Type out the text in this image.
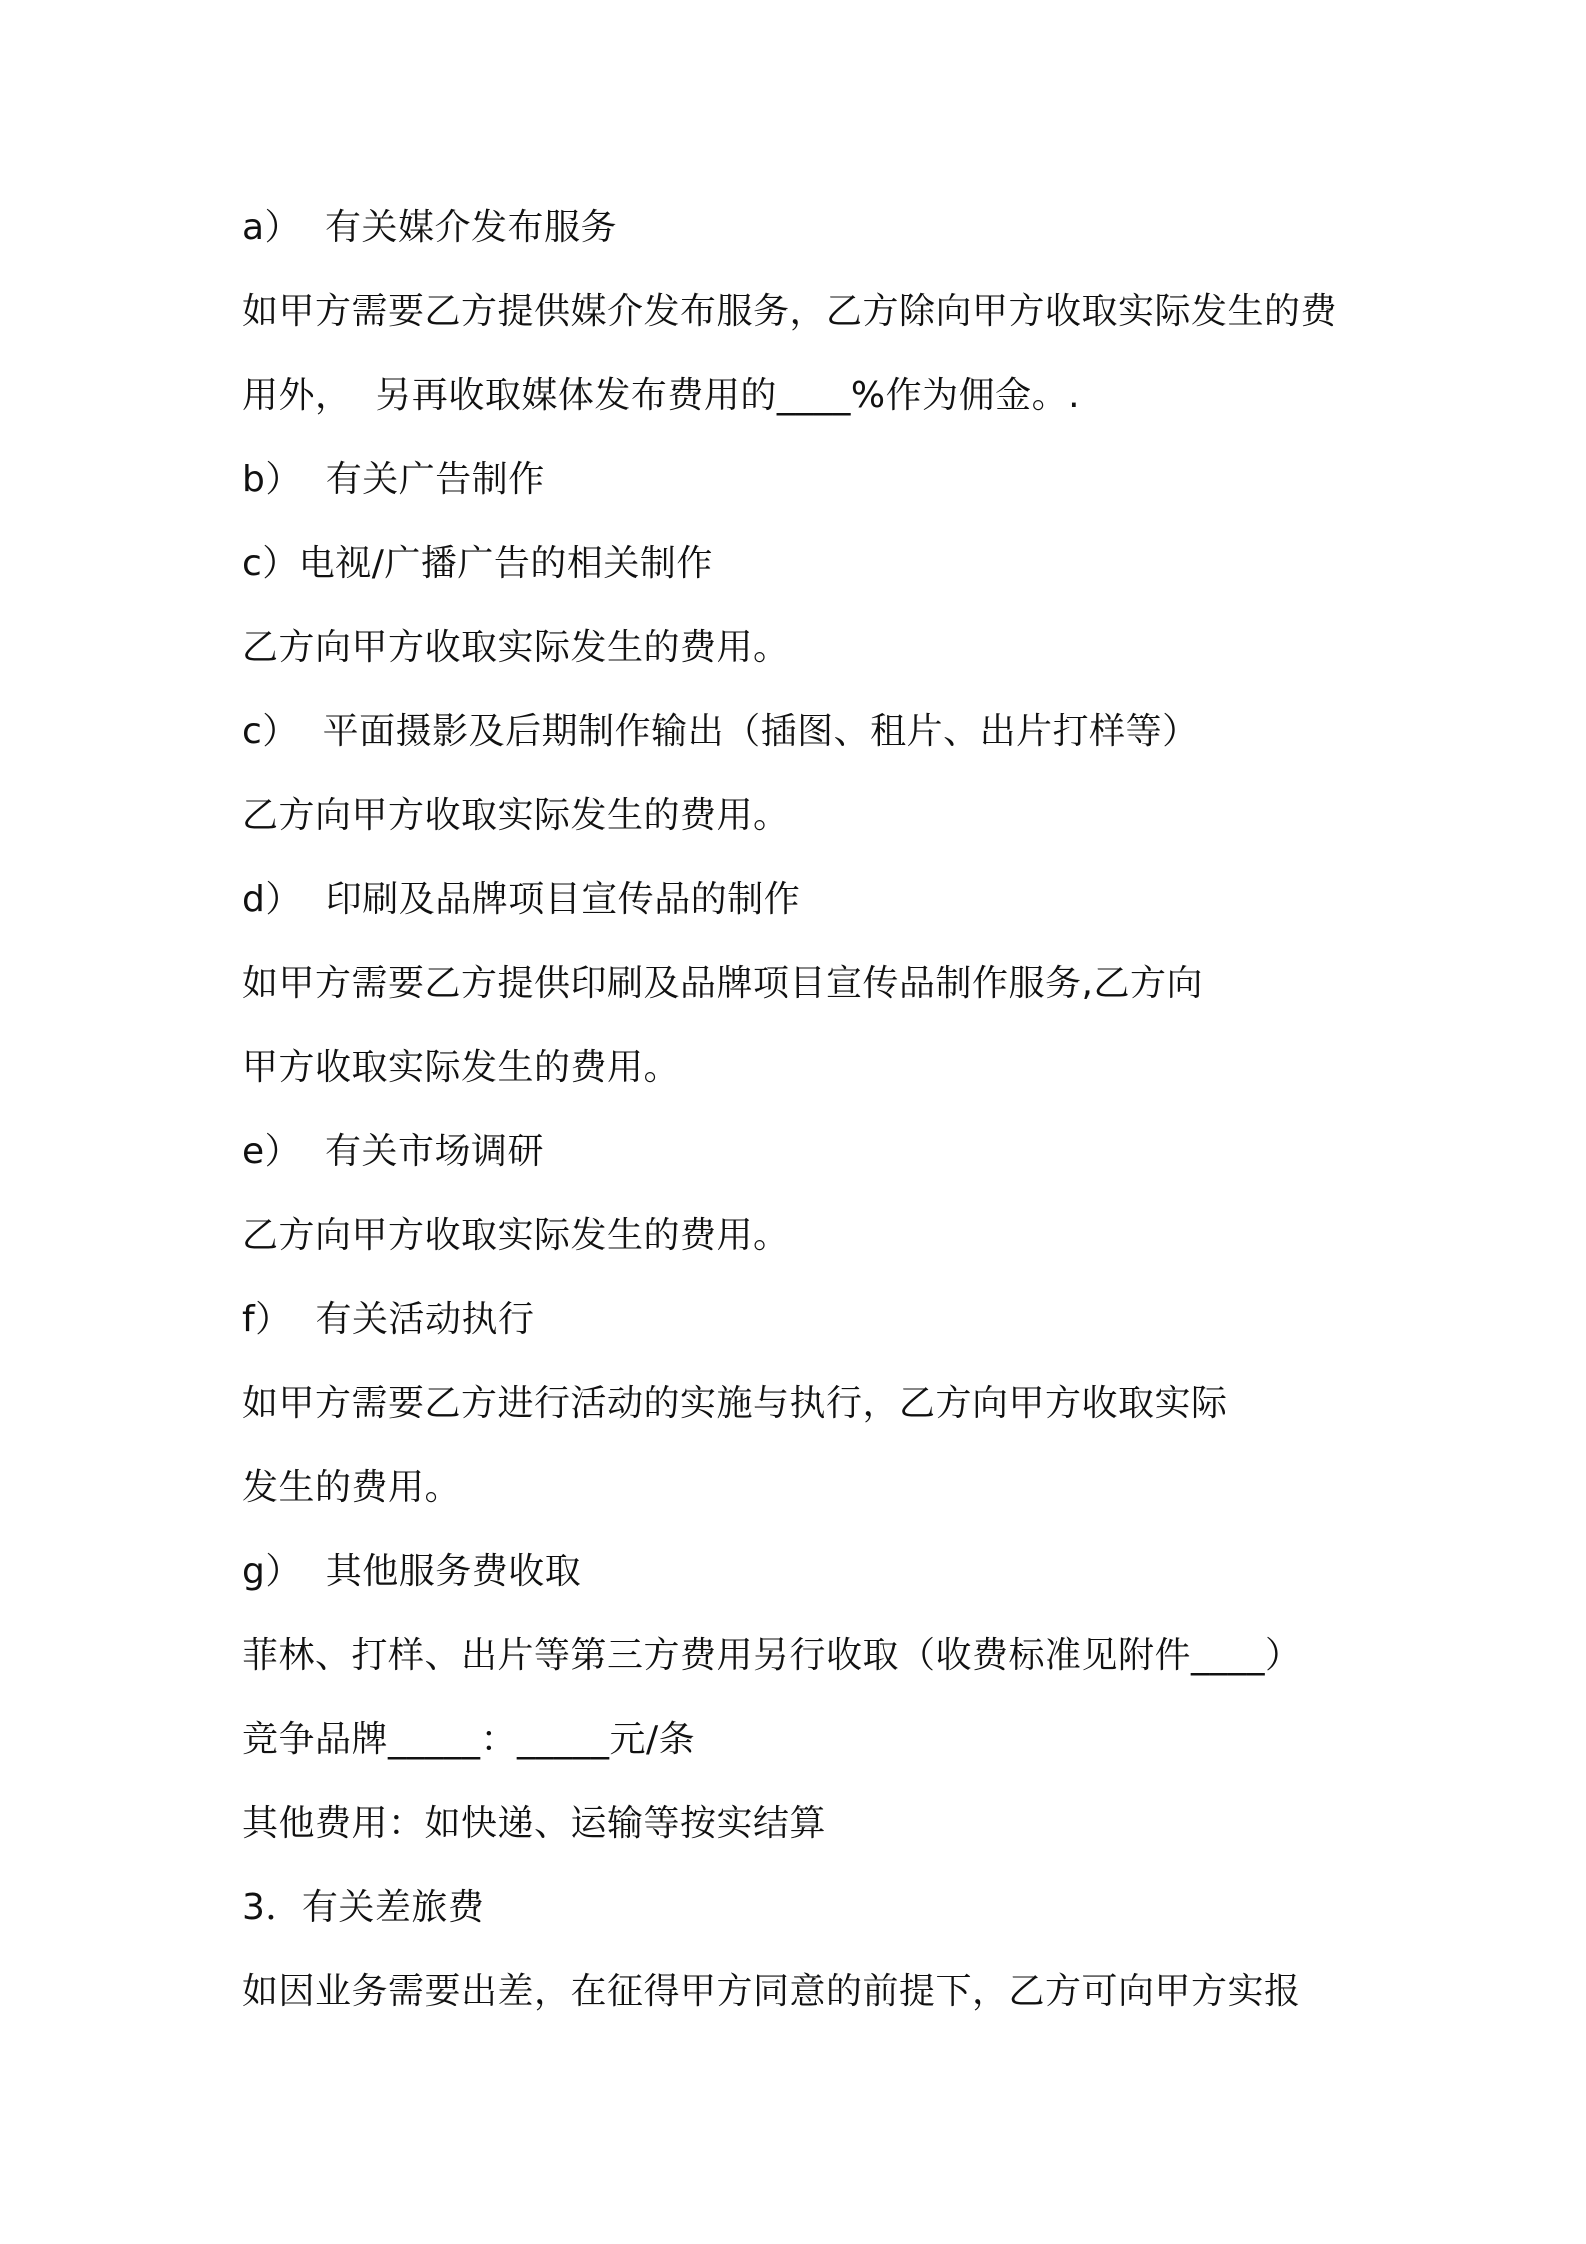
a）  有关媒介发布服务
如甲方需要乙方提供媒介发布服务，乙方除向甲方收取实际发生的费
用外，  另再收取媒体发布费用的____%作为佣金。.
b）  有关广告制作
c）电视/广播广告的相关制作
乙方向甲方收取实际发生的费用。
c）  平面摄影及后期制作输出（插图、租片、出片打样等）
乙方向甲方收取实际发生的费用。
d）  印刷及品牌项目宣传品的制作
如甲方需要乙方提供印刷及品牌项目宣传品制作服务,乙方向
甲方收取实际发生的费用。
e）  有关市场调研
乙方向甲方收取实际发生的费用。
f）  有关活动执行
如甲方需要乙方进行活动的实施与执行，乙方向甲方收取实际
发生的费用。
g）  其他服务费收取
菲林、打样、出片等第三方费用另行收取（收费标准见附件____）
竞争品牌_____：_____元/条
其他费用：如快递、运输等按实结算
3．有关差旅费
如因业务需要出差，在征得甲方同意的前提下，乙方可向甲方实报
